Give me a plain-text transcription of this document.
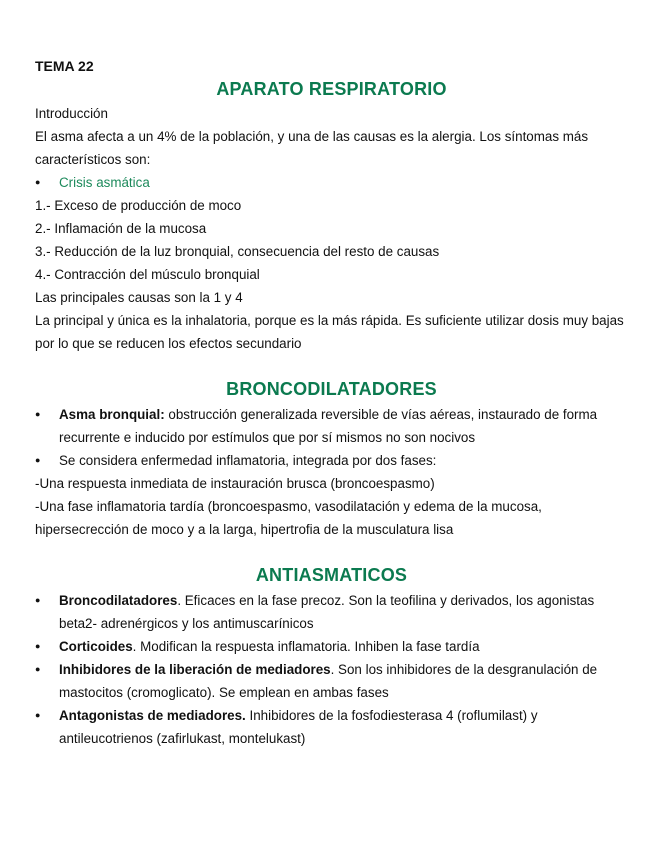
TEMA 22

APARATO RESPIRATORIO

Introducción

El asma afecta a un 4% de la población, y una de las causas es la alergia. Los síntomas más característicos son:

● Crisis asmática

1.- Exceso de producción de moco

2.- Inflamación de la mucosa

3.- Reducción de la luz bronquial, consecuencia del resto de causas

4.- Contracción del músculo bronquial

Las principales causas son la 1 y 4

La principal y única es la inhalatoria, porque es la más rápida. Es suficiente utilizar dosis muy bajas por lo que se reducen los efectos secundario

BRONCODILATADORES
● Asma bronquial: obstrucción generalizada reversible de vías aéreas, instaurado de forma recurrente e inducido por estímulos que por sí mismos no son nocivos
● Se considera enfermedad inflamatoria, integrada por dos fases:

-Una respuesta inmediata de instauración brusca (broncoespasmo)

-Una fase inflamatoria tardía (broncoespasmo, vasodilatación y edema de la mucosa, hipersecrección de moco y a la larga, hipertrofia de la musculatura lisa

ANTIASMATICOS
● Broncodilatadores. Eficaces en la fase precoz. Son la teofilina y derivados, los agonistas beta2- adrenérgicos y los antimuscarínicos
● Corticoides. Modifican la respuesta inflamatoria. Inhiben la fase tardía
● Inhibidores de la liberación de mediadores. Son los inhibidores de la desgranulación de mastocitos (cromoglicato). Se emplean en ambas fases
● Antagonistas de mediadores. Inhibidores de la fosfodiesterasa 4 (roflumilast) y antileucotrienos (zafirlukast, montelukast)
